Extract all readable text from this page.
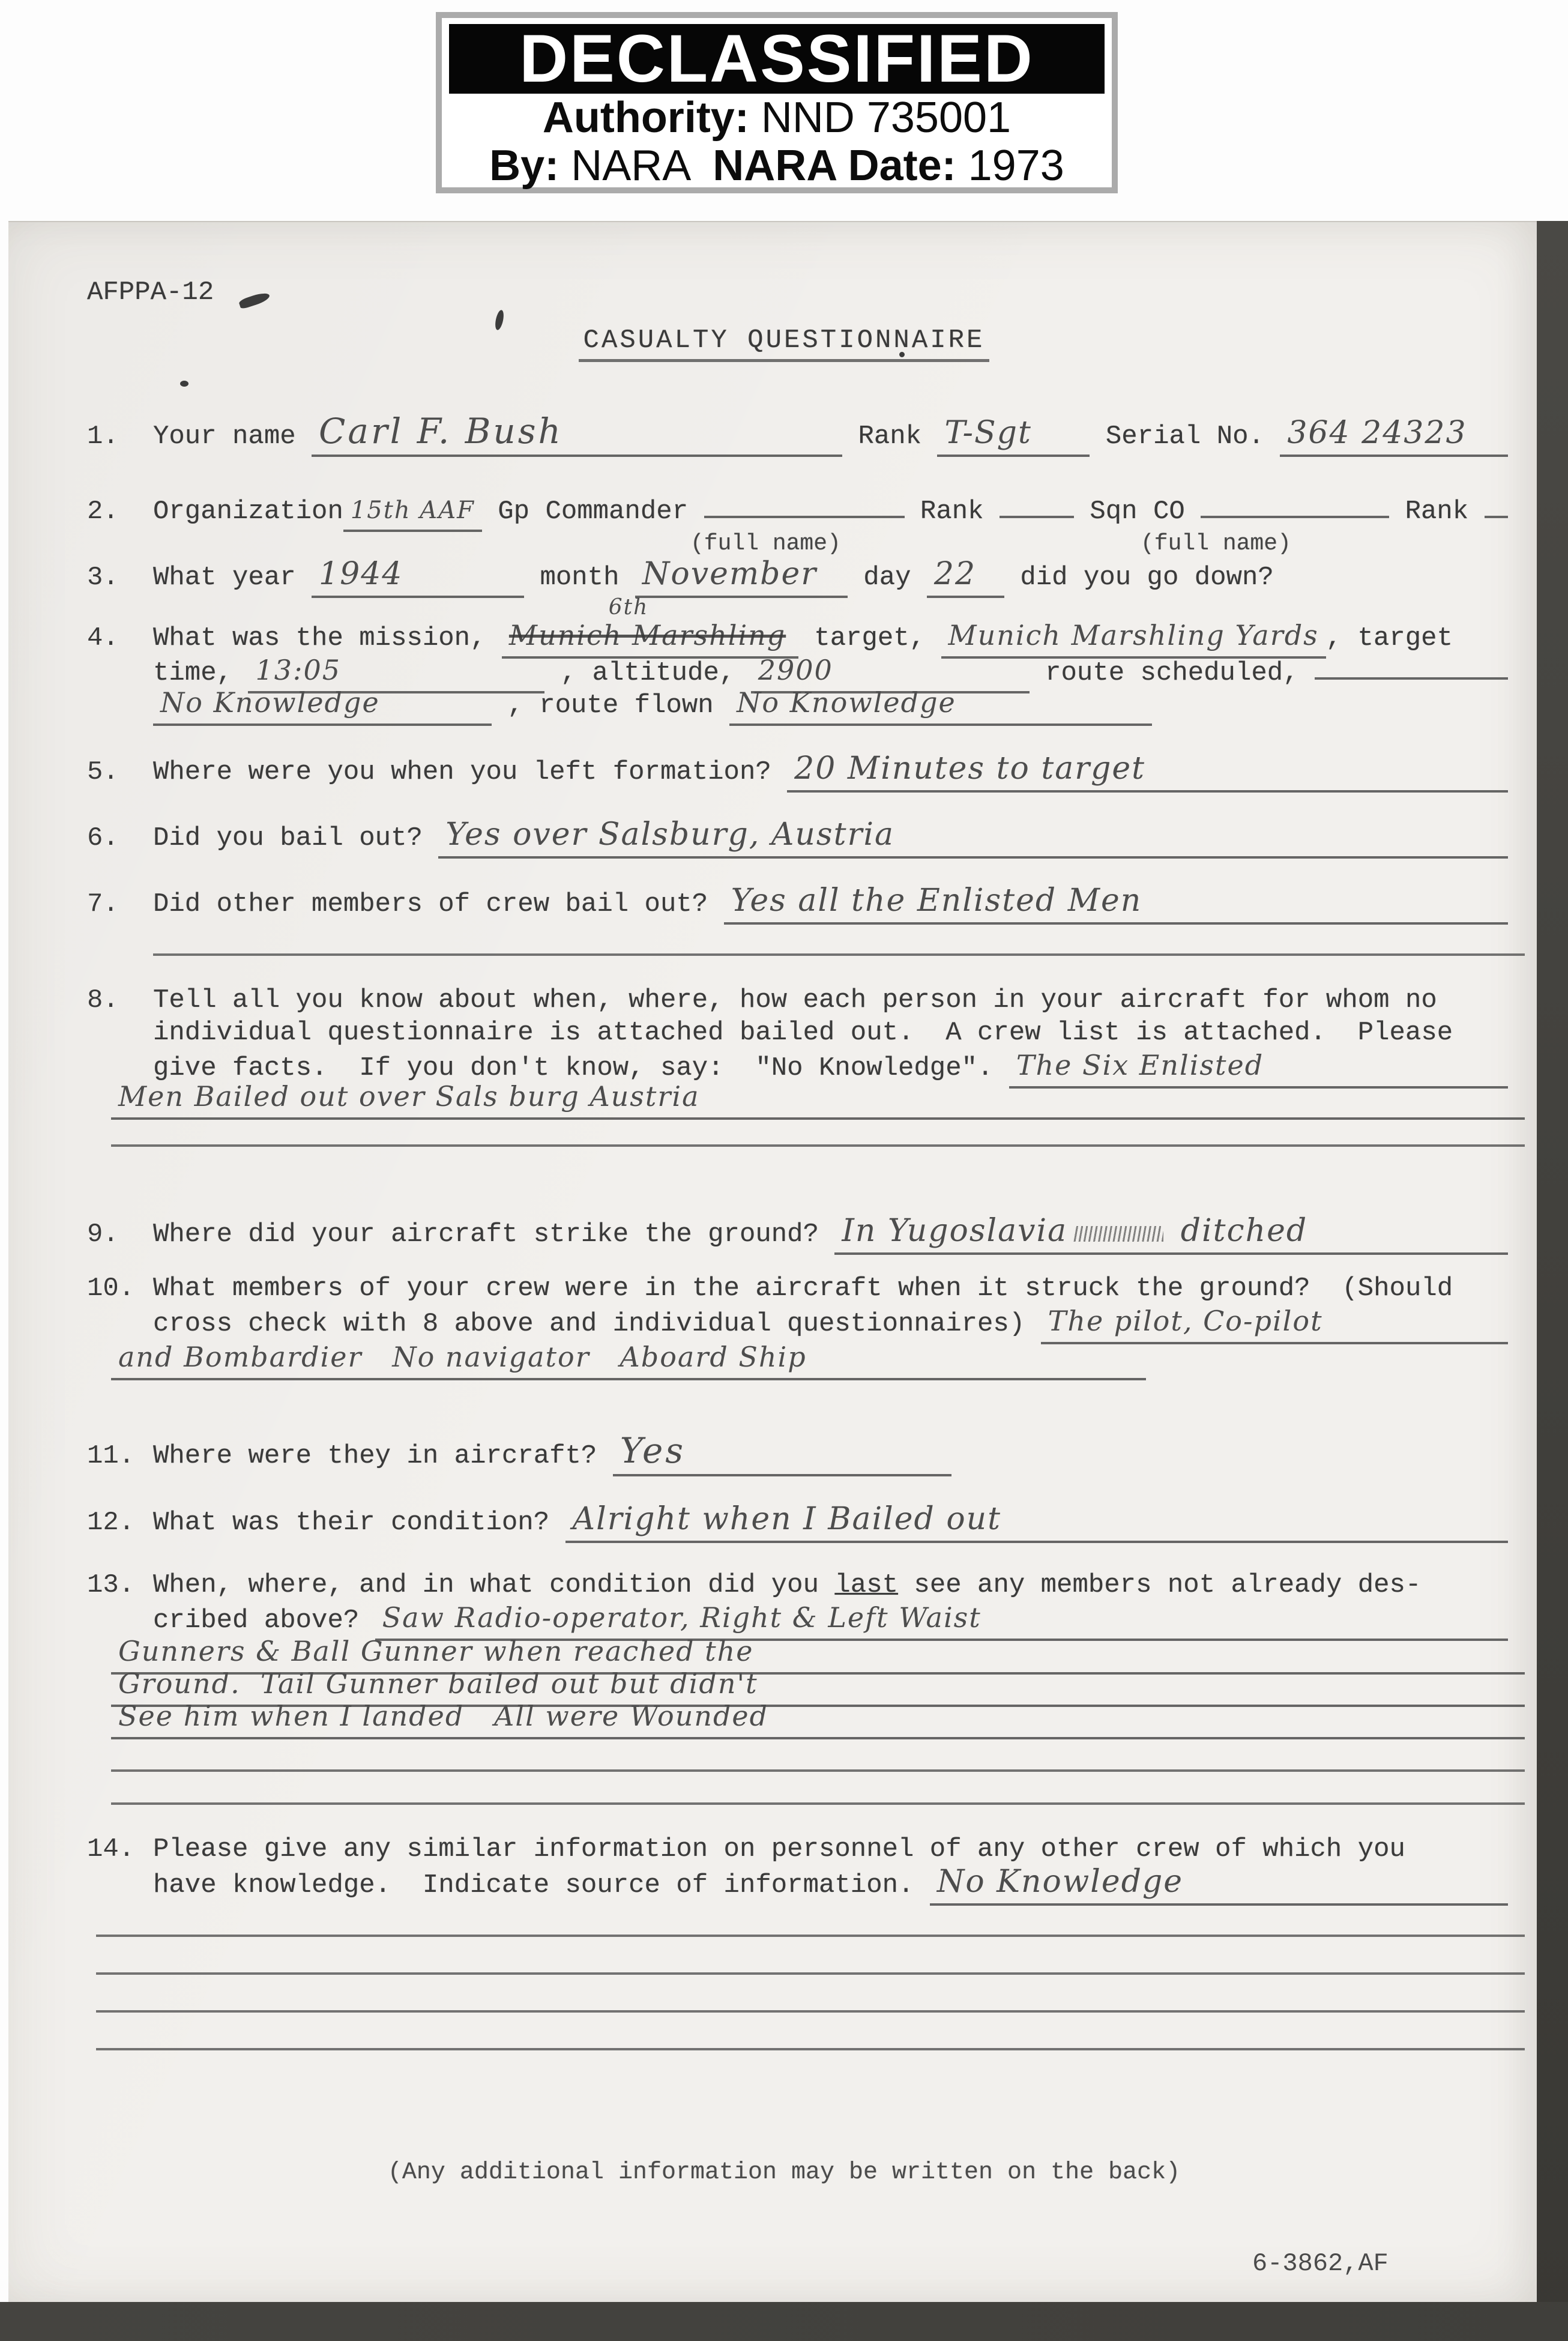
DECLASSIFIED
Authority: NND 735001
By: NARA  NARA Date: 1973
AFPPA-12
CASUALTY QUESTIONNAIRE
1.	Your name Carl F. Bush	Rank T-Sgt	Serial No. 364 24323
2.	Organization 15th AAF Gp Commander	Rank	Sqn CO	Rank
(full name)	(full name)
3.	What year 1944	month November	day 22	did you go down?
4.	What was the mission, Munich Marshling
6th
target, Munich Marshling Yards , target
time, 13:05	, altitude, 2900	route scheduled,
No Knowledge	, route flown No Knowledge
5.	Where were you when you left formation? 20 Minutes to target
6.	Did you bail out? Yes over Salsburg, Austria
7.	Did other members of crew bail out? Yes all the Enlisted Men
8.	Tell all you know about when, where, how each person in your aircraft for whom no
individual questionnaire is attached bailed out.  A crew list is attached.  Please
give facts.  If you don't know, say:  "No Knowledge". The Six Enlisted
Men Bailed out over Sals burg Austria
9.	Where did your aircraft strike the ground? In Yugoslavia	ditched
10. What members of your crew were in the aircraft when it struck the ground?  (Should
cross check with 8 above and individual questionnaires) The pilot, Co-pilot
and Bombardier   No navigator   Aboard Ship
11. Where were they in aircraft? Yes
12. What was their condition? Alright when I Bailed out
13. When, where, and in what condition did you last see any members not already des-
cribed above? Saw Radio-operator, Right & Left Waist
Gunners & Ball Gunner when reached the
Ground.  Tail Gunner bailed out but didn't
See him when I landed   All were Wounded
14. Please give any similar information on personnel of any other crew of which you
have knowledge.  Indicate source of information. No Knowledge
(Any additional information may be written on the back)
6-3862,AF
